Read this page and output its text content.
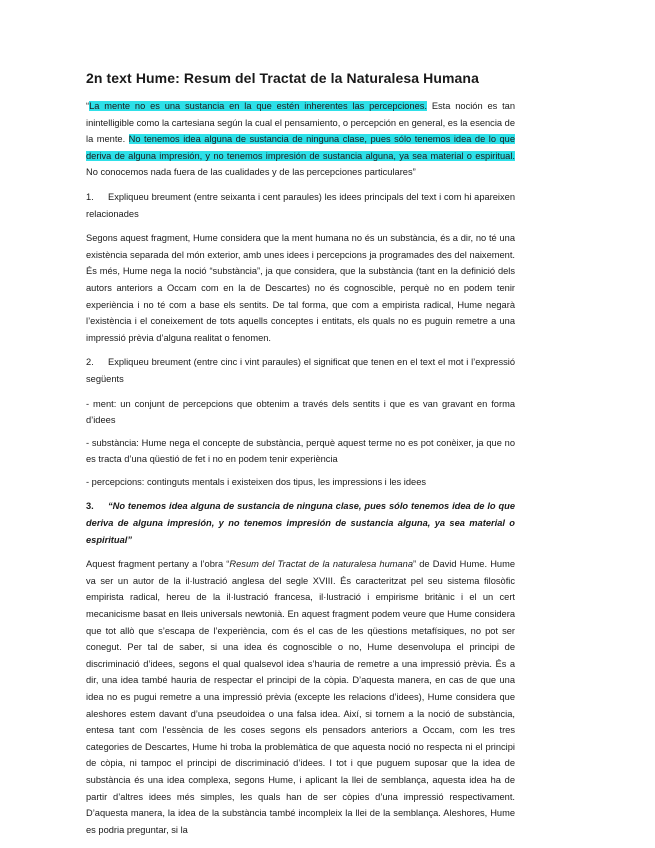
2n text Hume: Resum del Tractat de la Naturalesa Humana

“La mente no es una sustancia en la que estén inherentes las percepciones. Esta noción es tan inintelligible como la cartesiana según la cual el pensamiento, o percepción en general, es la esencia de la mente. No tenemos idea alguna de sustancia de ninguna clase, pues sólo tenemos idea de lo que deriva de alguna impresión, y no tenemos impresión de sustancia alguna, ya sea material o espiritual. No conocemos nada fuera de las cualidades y de las percepciones particulares”

1. Expliqueu breument (entre seixanta i cent paraules) les idees principals del text i com hi apareixen relacionades

Segons aquest fragment, Hume considera que la ment humana no és un substància, és a dir, no té una existència separada del món exterior, amb unes idees i percepcions ja programades des del naixement. És més, Hume nega la noció “substància”, ja que considera, que la substància (tant en la definició dels autors anteriors a Occam com en la de Descartes) no és cognoscible, perquè no en podem tenir experiència i no té com a base els sentits. De tal forma, que com a empirista radical, Hume negarà l’existència i el coneixement de tots aquells conceptes i entitats, els quals no es puguin remetre a una impressió prèvia d’alguna realitat o fenomen.

2. Expliqueu breument (entre cinc i vint paraules) el significat que tenen en el text el mot i l’expressió següents

- ment: un conjunt de percepcions que obtenim a través dels sentits i que es van gravant en forma d’idees

- substància: Hume nega el concepte de substància, perquè aquest terme no es pot conèixer, ja que no es tracta d’una qüestió de fet i no en podem tenir experiència

- percepcions: continguts mentals i existeixen dos tipus, les impressions i les idees

3. “No tenemos idea alguna de sustancia de ninguna clase, pues sólo tenemos idea de lo que deriva de alguna impresión, y no tenemos impresión de sustancia alguna, ya sea material o espiritual”

Aquest fragment pertany a l’obra “Resum del Tractat de la naturalesa humana” de David Hume. Hume va ser un autor de la il·lustració anglesa del segle XVIII. És caracteritzat pel seu sistema filosòfic empirista radical, hereu de la il·lustració francesa, il·lustració i empirisme britànic i el un cert mecanicisme basat en lleis universals newtonià. En aquest fragment podem veure que Hume considera que tot allò que s’escapa de l’experiència, com és el cas de les qüestions metafísiques, no pot ser conegut. Per tal de saber, si una idea és cognoscible o no, Hume desenvolupa el principi de discriminació d’idees, segons el qual qualsevol idea s’hauria de remetre a una impressió prèvia. És a dir, una idea també hauria de respectar el principi de la còpia. D’aquesta manera, en cas de que una idea no es pugui remetre a una impressió prèvia (excepte les relacions d’idees), Hume considera que aleshores estem davant d’una pseudoidea o una falsa idea. Així, si tornem a la noció de substància, entesa tant com l’essència de les coses segons els pensadors anteriors a Occam, com les tres categories de Descartes, Hume hi troba la problemàtica de que aquesta noció no respecta ni el principi de còpia, ni tampoc el principi de discriminació d’idees. I tot i que puguem suposar que la idea de substància és una idea complexa, segons Hume, i aplicant la llei de semblança, aquesta idea ha de partir d’altres idees més simples, les quals han de ser còpies d’una impressió respectivament. D’aquesta manera, la idea de la substància també incompleix la llei de la semblança. Aleshores, Hume es podria preguntar, si la
